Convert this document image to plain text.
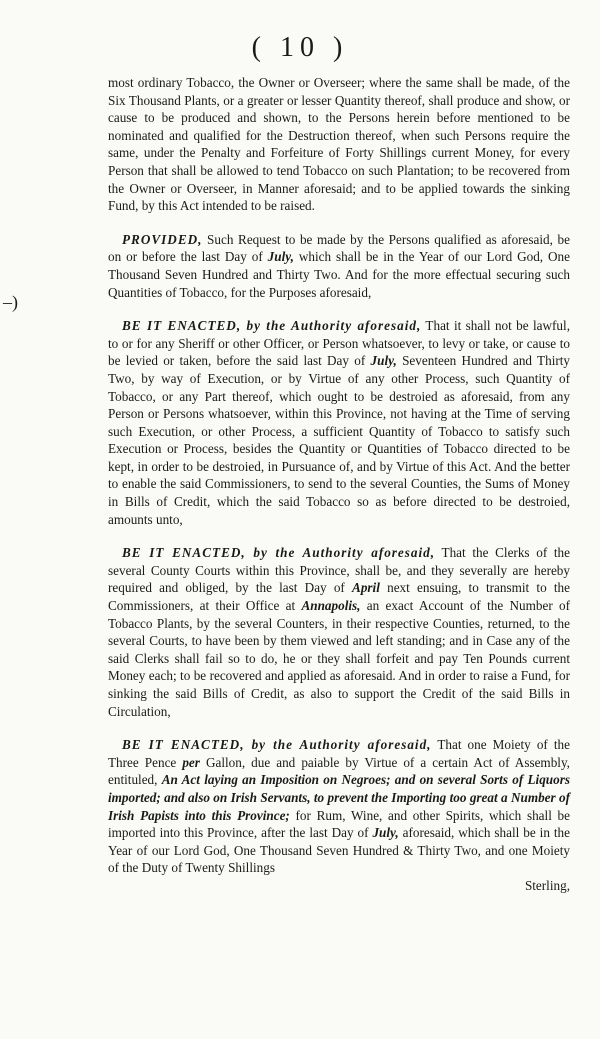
( 10 )
–)

most ordinary Tobacco, the Owner or Overseer; where the same shall be made, of the Six Thousand Plants, or a greater or lesser Quantity thereof, shall produce and show, or cause to be produced and shown, to the Persons herein before mentioned to be nominated and qualified for the Destruction thereof, when such Persons require the same, under the Penalty and Forfeiture of Forty Shillings current Money, for every Person that shall be allowed to tend Tobacco on such Plantation; to be recovered from the Owner or Overseer, in Manner aforesaid; and to be applied towards the sinking Fund, by this Act intended to be raised.

PROVIDED, Such Request to be made by the Persons qualified as aforesaid, be on or before the last Day of July, which shall be in the Year of our Lord God, One Thousand Seven Hundred and Thirty Two. And for the more effectual securing such Quantities of Tobacco, for the Purposes aforesaid,

BE IT ENACTED, by the Authority aforesaid, That it shall not be lawful, to or for any Sheriff or other Officer, or Person whatsoever, to levy or take, or cause to be levied or taken, before the said last Day of July, Seventeen Hundred and Thirty Two, by way of Execution, or by Virtue of any other Process, such Quantity of Tobacco, or any Part thereof, which ought to be destroied as aforesaid, from any Person or Persons whatsoever, within this Province, not having at the Time of serving such Execution, or other Process, a sufficient Quantity of Tobacco to satisfy such Execution or Process, besides the Quantity or Quantities of Tobacco directed to be kept, in order to be destroied, in Pursuance of, and by Virtue of this Act. And the better to enable the said Commissioners, to send to the several Counties, the Sums of Money in Bills of Credit, which the said Tobacco so as before directed to be destroied, amounts unto,

BE IT ENACTED, by the Authority aforesaid, That the Clerks of the several County Courts within this Province, shall be, and they severally are hereby required and obliged, by the last Day of April next ensuing, to transmit to the Commissioners, at their Office at Annapolis, an exact Account of the Number of Tobacco Plants, by the several Counters, in their respective Counties, returned, to the several Courts, to have been by them viewed and left standing; and in Case any of the said Clerks shall fail so to do, he or they shall forfeit and pay Ten Pounds current Money each; to be recovered and applied as aforesaid. And in order to raise a Fund, for sinking the said Bills of Credit, as also to support the Credit of the said Bills in Circulation,

BE IT ENACTED, by the Authority aforesaid, That one Moiety of the Three Pence per Gallon, due and paiable by Virtue of a certain Act of Assembly, entituled, An Act laying an Imposition on Negroes; and on several Sorts of Liquors imported; and also on Irish Servants, to prevent the Importing too great a Number of Irish Papists into this Province; for Rum, Wine, and other Spirits, which shall be imported into this Province, after the last Day of July, aforesaid, which shall be in the Year of our Lord God, One Thousand Seven Hundred & Thirty Two, and one Moiety of the Duty of Twenty Shillings

Sterling,
